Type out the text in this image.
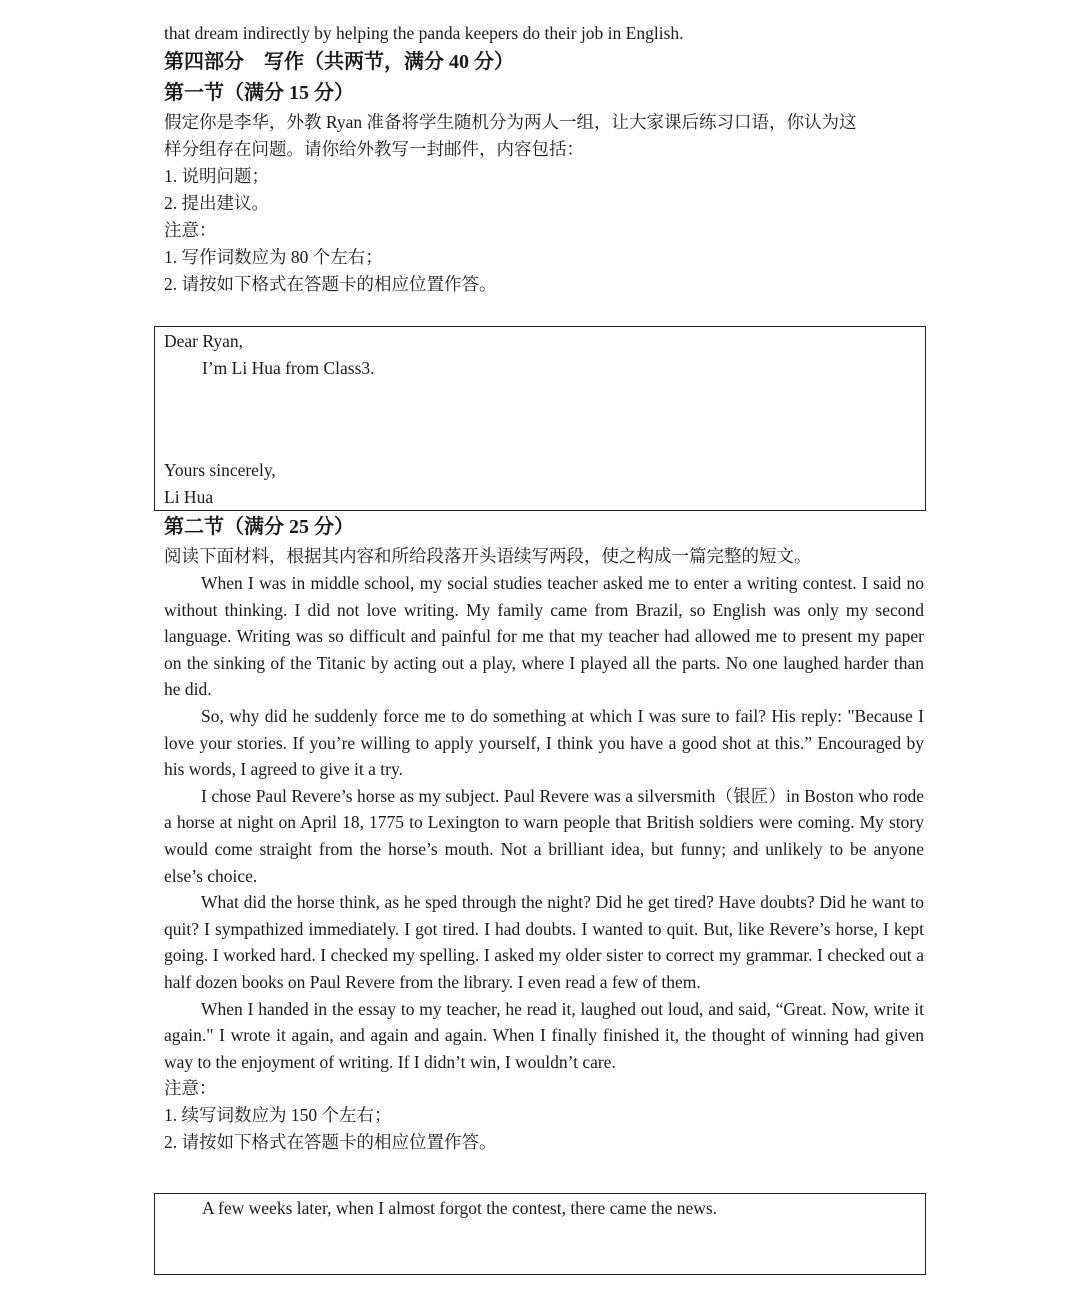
that dream indirectly by helping the panda keepers do their job in English.
第四部分　写作（共两节，满分 40 分）
第一节（满分 15 分）
假定你是李华，外教 Ryan 准备将学生随机分为两人一组，让大家课后练习口语，你认为这
样分组存在问题。请你给外教写一封邮件，内容包括：
1. 说明问题；
2. 提出建议。
注意：
1. 写作词数应为 80 个左右；
2. 请按如下格式在答题卡的相应位置作答。
Dear Ryan,
I’m Li Hua from Class3.
Yours sincerely,
Li Hua
第二节（满分 25 分）
阅读下面材料，根据其内容和所给段落开头语续写两段，使之构成一篇完整的短文。

When I was in middle school, my social studies teacher asked me to enter a writing contest. I said no without thinking. I did not love writing. My family came from Brazil, so English was only my second language. Writing was so difficult and painful for me that my teacher had allowed me to present my paper on the sinking of the Titanic by acting out a play, where I played all the parts. No one laughed harder than he did.

So, why did he suddenly force me to do something at which I was sure to fail? His reply: "Because I love your stories. If you’re willing to apply yourself, I think you have a good shot at this.” Encouraged by his words, I agreed to give it a try.

I chose Paul Revere’s horse as my subject. Paul Revere was a silversmith（银匠）in Boston who rode a horse at night on April 18, 1775 to Lexington to warn people that British soldiers were coming. My story would come straight from the horse’s mouth. Not a brilliant idea, but funny; and unlikely to be anyone else’s choice.

What did the horse think, as he sped through the night? Did he get tired? Have doubts? Did he want to quit? I sympathized immediately. I got tired. I had doubts. I wanted to quit. But, like Revere’s horse, I kept going. I worked hard. I checked my spelling. I asked my older sister to correct my grammar. I checked out a half dozen books on Paul Revere from the library. I even read a few of them.

When I handed in the essay to my teacher, he read it, laughed out loud, and said, “Great. Now, write it again." I wrote it again, and again and again. When I finally finished it, the thought of winning had given way to the enjoyment of writing. If I didn’t win, I wouldn’t care.

注意：
1. 续写词数应为 150 个左右；
2. 请按如下格式在答题卡的相应位置作答。
A few weeks later, when I almost forgot the contest, there came the news.
